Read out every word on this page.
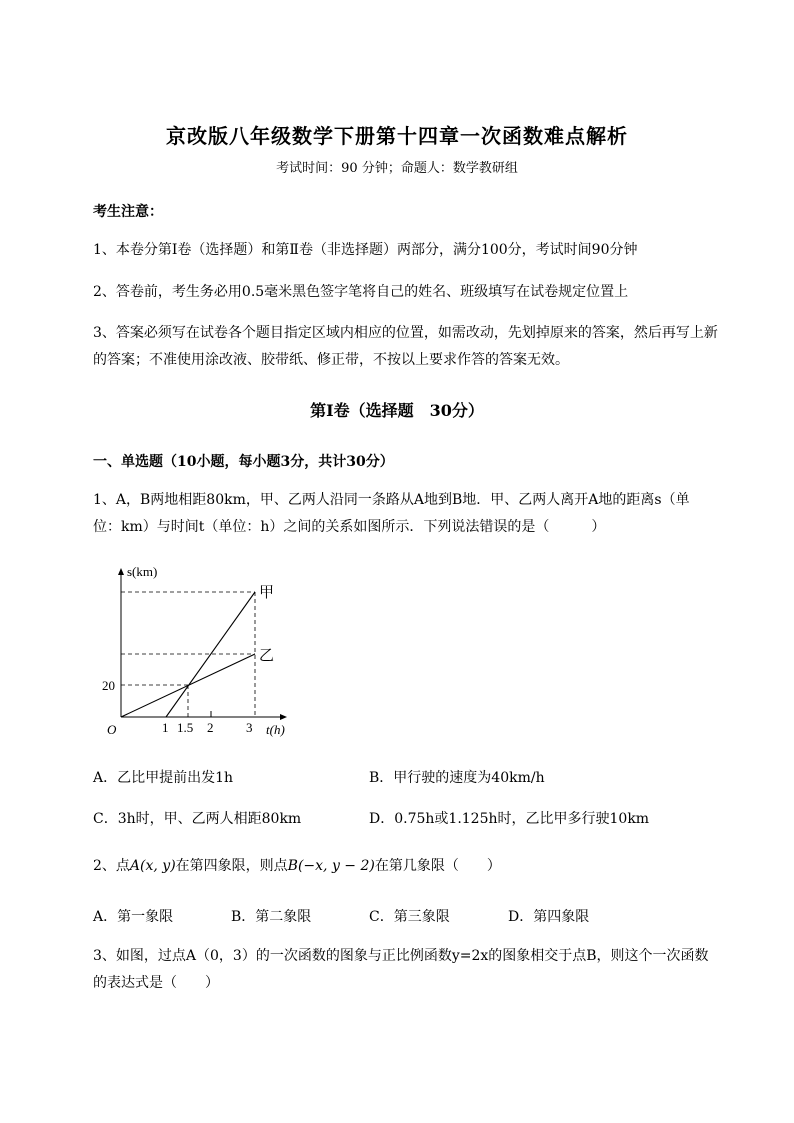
京改版八年级数学下册第十四章一次函数难点解析
考试时间：90 分钟；命题人：数学教研组
考生注意：
1、本卷分第Ⅰ卷（选择题）和第Ⅱ卷（非选择题）两部分，满分100分，考试时间90分钟
2、答卷前，考生务必用0.5毫米黑色签字笔将自己的姓名、班级填写在试卷规定位置上
3、答案必须写在试卷各个题目指定区域内相应的位置，如需改动，先划掉原来的答案，然后再写上新
的答案；不准使用涂改液、胶带纸、修正带，不按以上要求作答的答案无效。
第Ⅰ卷（选择题　30分）
一、单选题（10小题，每小题3分，共计30分）
1、A，B两地相距80km，甲、乙两人沿同一条路从A地到B地．甲、乙两人离开A地的距离s（单
位：km）与时间t（单位：h）之间的关系如图所示．下列说法错误的是（　　　）
s(km)
t(h)
O
20
1 1.5 2	3
甲
乙
A．乙比甲提前出发1h	B．甲行驶的速度为40km/h
C．3h时，甲、乙两人相距80km	D．0.75h或1.125h时，乙比甲多行驶10km
2、点A(x, y)在第四象限，则点B(−x, y − 2)在第几象限（　　）
A．第一象限	B．第二象限	C．第三象限	D．第四象限
3、如图，过点A（0，3）的一次函数的图象与正比例函数y=2x的图象相交于点B，则这个一次函数
的表达式是（　　）
